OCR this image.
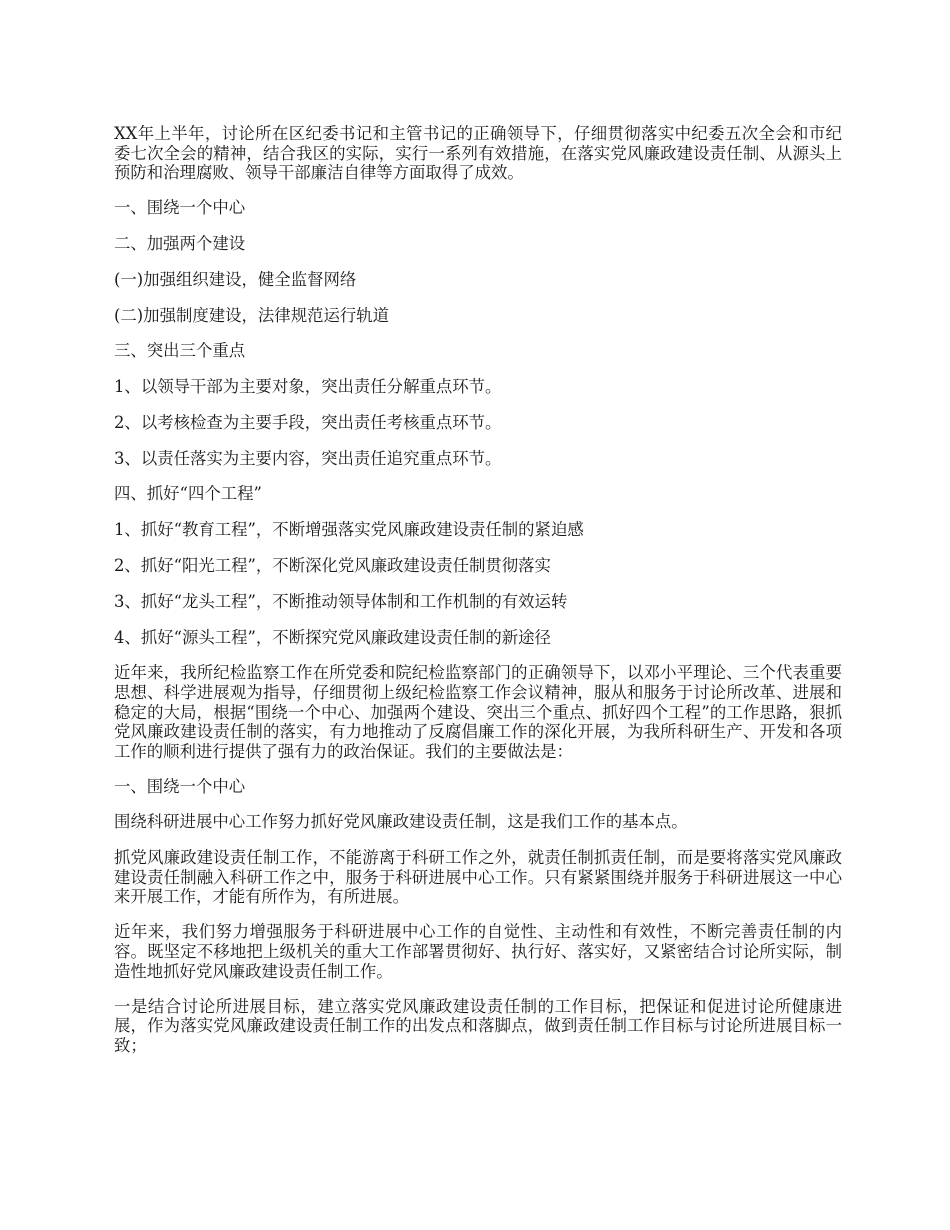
XX年上半年，讨论所在区纪委书记和主管书记的正确领导下，仔细贯彻落实中纪委五次全会和市纪委七次全会的精神，结合我区的实际，实行一系列有效措施，在落实党风廉政建设责任制、从源头上预防和治理腐败、领导干部廉洁自律等方面取得了成效。

一、围绕一个中心

二、加强两个建设

(一)加强组织建设，健全监督网络

(二)加强制度建设，法律规范运行轨道

三、突出三个重点

1、以领导干部为主要对象，突出责任分解重点环节。

2、以考核检查为主要手段，突出责任考核重点环节。

3、以责任落实为主要内容，突出责任追究重点环节。

四、抓好“四个工程”

1、抓好“教育工程”，不断增强落实党风廉政建设责任制的紧迫感

2、抓好“阳光工程”，不断深化党风廉政建设责任制贯彻落实

3、抓好“龙头工程”，不断推动领导体制和工作机制的有效运转

4、抓好“源头工程”，不断探究党风廉政建设责任制的新途径

近年来，我所纪检监察工作在所党委和院纪检监察部门的正确领导下，以邓小平理论、三个代表重要思想、科学进展观为指导，仔细贯彻上级纪检监察工作会议精神，服从和服务于讨论所改革、进展和稳定的大局，根据“围绕一个中心、加强两个建设、突出三个重点、抓好四个工程”的工作思路，狠抓党风廉政建设责任制的落实，有力地推动了反腐倡廉工作的深化开展，为我所科研生产、开发和各项工作的顺利进行提供了强有力的政治保证。我们的主要做法是：

一、围绕一个中心

围绕科研进展中心工作努力抓好党风廉政建设责任制，这是我们工作的基本点。

抓党风廉政建设责任制工作，不能游离于科研工作之外，就责任制抓责任制，而是要将落实党风廉政建设责任制融入科研工作之中，服务于科研进展中心工作。只有紧紧围绕并服务于科研进展这一中心来开展工作，才能有所作为，有所进展。

近年来，我们努力增强服务于科研进展中心工作的自觉性、主动性和有效性，不断完善责任制的内容。既坚定不移地把上级机关的重大工作部署贯彻好、执行好、落实好，又紧密结合讨论所实际，制造性地抓好党风廉政建设责任制工作。

一是结合讨论所进展目标，建立落实党风廉政建设责任制的工作目标，把保证和促进讨论所健康进展，作为落实党风廉政建设责任制工作的出发点和落脚点，做到责任制工作目标与讨论所进展目标一致；
